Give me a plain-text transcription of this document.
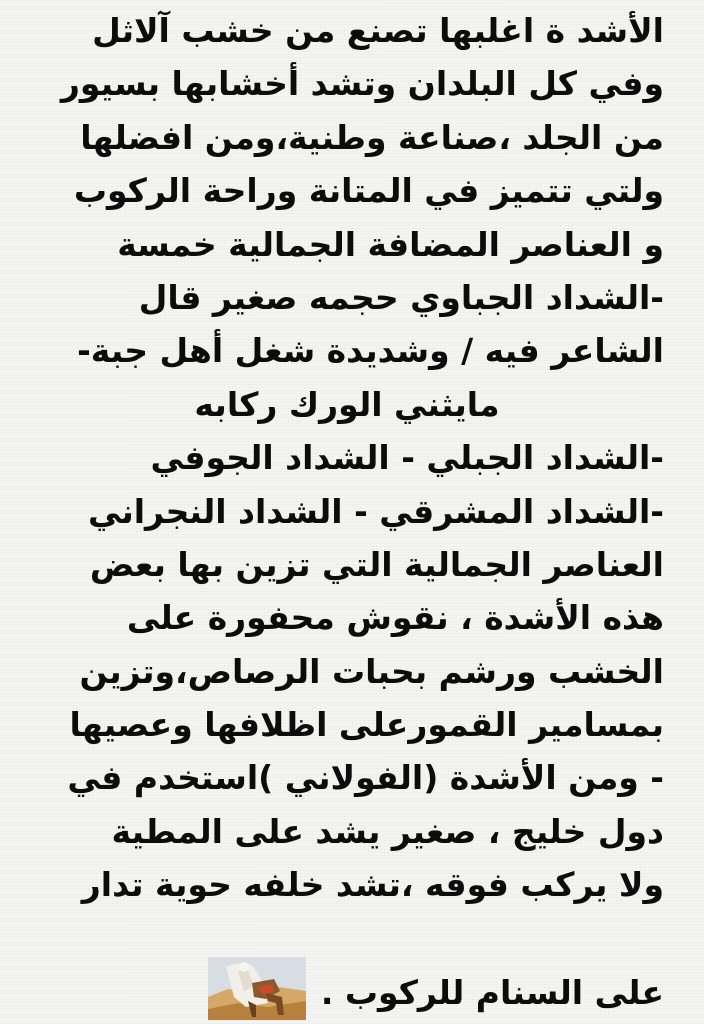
الأشد ة اغلبها تصنع من خشب آلاثل
وفي كل البلدان وتشد أخشابها بسيور
من الجلد ،صناعة وطنية،ومن افضلها
ولتي تتميز في المتانة وراحة الركوب
و العناصر المضافة الجمالية خمسة
-الشداد الجباوي حجمه صغير قال
الشاعر فيه / وشديدة شغل أهل جبة-
مايثني الورك ركابه
-الشداد الجبلي - الشداد الجوفي
-الشداد المشرقي - الشداد النجراني
العناصر الجمالية التي تزين بها بعض
هذه الأشدة ، نقوش محفورة على
الخشب ورشم بحبات الرصاص،وتزين
بمسامير القمورعلى اظلافها وعصيها
- ومن الأشدة (الفولاني )استخدم في
دول خليج ، صغير يشد على المطية
ولا يركب فوقه ،تشد خلفه حوية تدار
على السنام للركوب .
